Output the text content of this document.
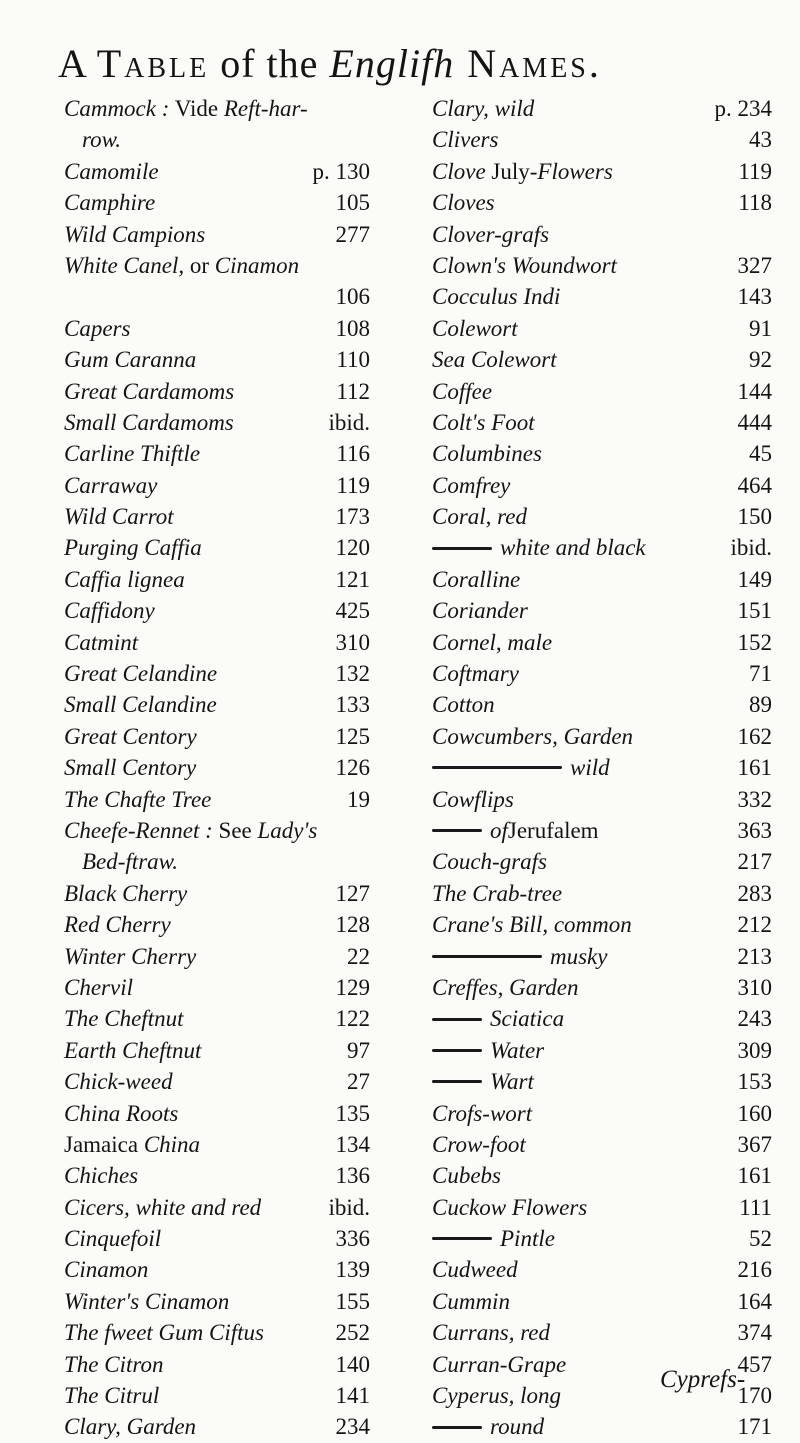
A Table of the Englifh Names.
Cammock : Vide Reft-har-
row.
Camomile	p. 130
Camphire	105
Wild Campions	277
White Canel, or Cinamon
106
Capers	108
Gum Caranna	110
Great Cardamoms	112
Small Cardamoms	ibid.
Carline Thiftle	116
Carraway	119
Wild Carrot	173
Purging Caffia	120
Caffia lignea	121
Caffidony	425
Catmint	310
Great Celandine	132
Small Celandine	133
Great Centory	125
Small Centory	126
The Chafte Tree	19
Cheefe-Rennet : See Lady's
Bed-ftraw.
Black Cherry	127
Red Cherry	128
Winter Cherry	22
Chervil	129
The Cheftnut	122
Earth Cheftnut	97
Chick-weed	27
China Roots	135
Jamaica China	134
Chiches	136
Cicers, white and red	ibid.
Cinquefoil	336
Cinamon	139
Winter's Cinamon	155
The fweet Gum Ciftus	252
The Citron	140
The Citrul	141
Clary, Garden	234
Clary, wild	p. 234
Clivers	43
Clove July-Flowers	119
Cloves	118
Clover-grafs
Clown's Woundwort	327
Cocculus Indi	143
Colewort	91
Sea Colewort	92
Coffee	144
Colt's Foot	444
Columbines	45
Comfrey	464
Coral, red	150
white and black	ibid.
Coralline	149
Coriander	151
Cornel, male	152
Coftmary	71
Cotton	89
Cowcumbers, Garden	162
wild	161
Cowflips	332
of Jerufalem	363
Couch-grafs	217
The Crab-tree	283
Crane's Bill, common	212
musky	213
Creffes, Garden	310
Sciatica	243
Water	309
Wart	153
Crofs-wort	160
Crow-foot	367
Cubebs	161
Cuckow Flowers	111
Pintle	52
Cudweed	216
Cummin	164
Currans, red	374
Curran-Grape	457
Cyperus, long	170
round	171
Cyprefs-
